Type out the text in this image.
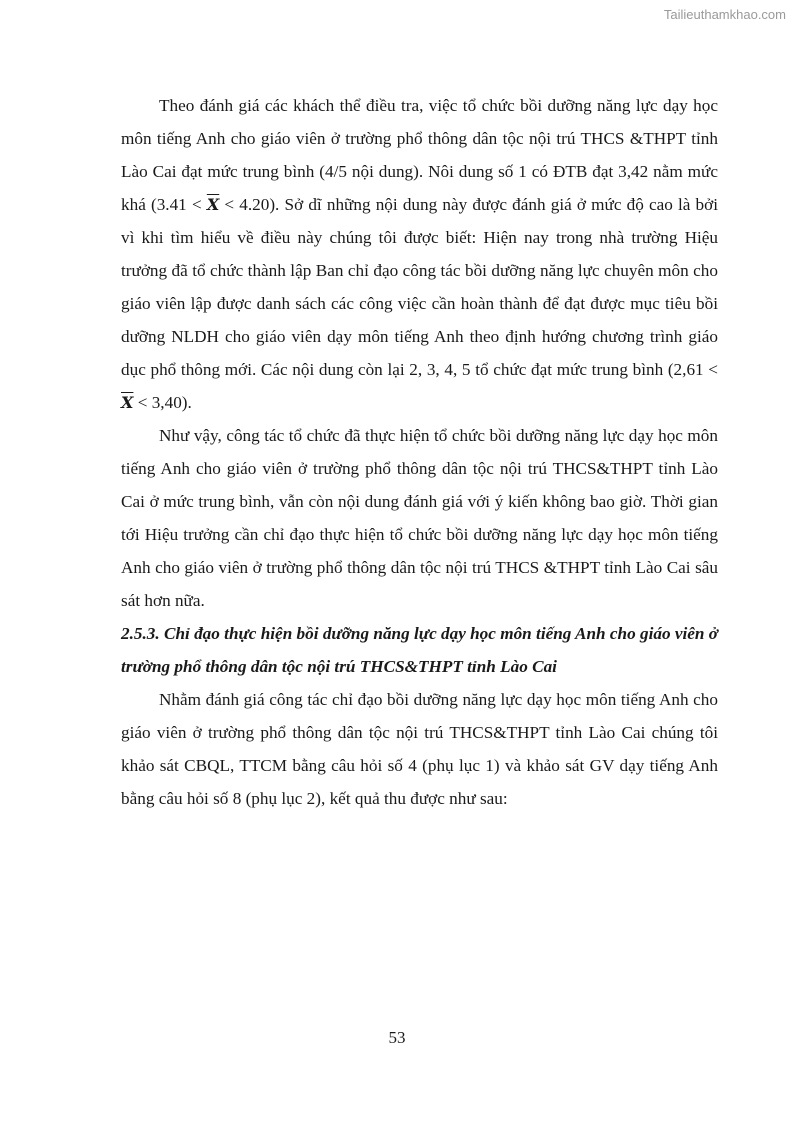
Tailieuthamkhao.com

Theo đánh giá các khách thể điều tra, việc tổ chức bồi dưỡng năng lực dạy học môn tiếng Anh cho giáo viên ở trường phổ thông dân tộc nội trú THCS &THPT tỉnh Lào Cai đạt mức trung bình (4/5 nội dung). Nôi dung số 1 có ĐTB đạt 3,42 nằm mức khá $(3.41 < \overline{X} < 4.20)$. Sở dĩ những nội dung này được đánh giá ở mức độ cao là bởi vì khi tìm hiểu về điều này chúng tôi được biết: Hiện nay trong nhà trường Hiệu trưởng đã tổ chức thành lập Ban chỉ đạo công tác bồi dưỡng năng lực chuyên môn cho giáo viên lập được danh sách các công việc cần hoàn thành để đạt được mục tiêu bồi dưỡng NLDH cho giáo viên dạy môn tiếng Anh theo định hướng chương trình giáo dục phổ thông mới. Các nội dung còn lại 2, 3, 4, 5 tổ chức đạt mức trung bình $(2,61 < \overline{X} < 3,40)$.

Như vậy, công tác tổ chức đã thực hiện tổ chức bồi dưỡng năng lực dạy học môn tiếng Anh cho giáo viên ở trường phổ thông dân tộc nội trú THCS&THPT tỉnh Lào Cai ở mức trung bình, vẫn còn nội dung đánh giá với ý kiến không bao giờ. Thời gian tới Hiệu trưởng cần chỉ đạo thực hiện tổ chức bồi dưỡng năng lực dạy học môn tiếng Anh cho giáo viên ở trường phổ thông dân tộc nội trú THCS &THPT tỉnh Lào Cai sâu sát hơn nữa.

2.5.3. Chỉ đạo thực hiện bồi dưỡng năng lực dạy học môn tiếng Anh cho giáo viên ở trường phổ thông dân tộc nội trú THCS&THPT tỉnh Lào Cai

Nhằm đánh giá công tác chỉ đạo bồi dưỡng năng lực dạy học môn tiếng Anh cho giáo viên ở trường phổ thông dân tộc nội trú THCS&THPT tỉnh Lào Cai chúng tôi khảo sát CBQL, TTCM bằng câu hỏi số 4 (phụ lục 1) và khảo sát GV dạy tiếng Anh bằng câu hỏi số 8 (phụ lục 2), kết quả thu được như sau:

53
